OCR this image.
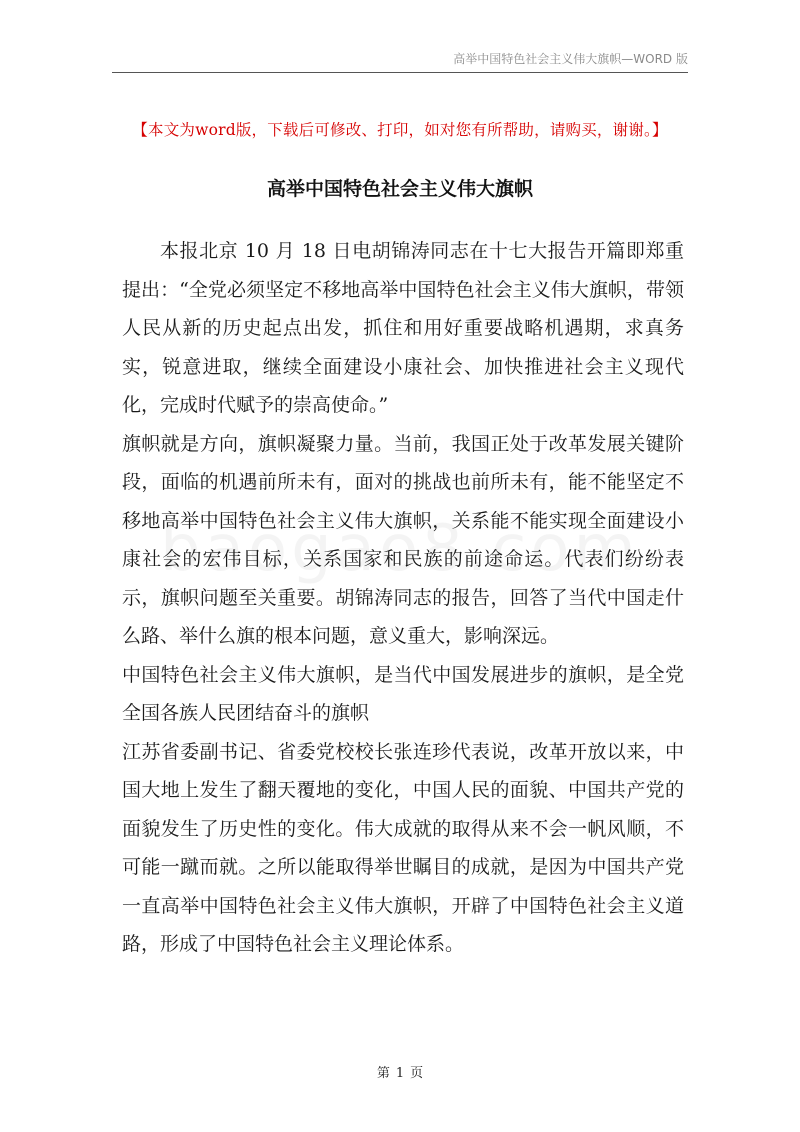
高举中国特色社会主义伟大旗帜—WORD 版
【本文为word版，下载后可修改、打印，如对您有所帮助，请购买，谢谢。】
高举中国特色社会主义伟大旗帜

本报北京 10 月 18 日电胡锦涛同志在十七大报告开篇即郑重提出：“全党必须坚定不移地高举中国特色社会主义伟大旗帜，带领人民从新的历史起点出发，抓住和用好重要战略机遇期，求真务实，锐意进取，继续全面建设小康社会、加快推进社会主义现代化，完成时代赋予的崇高使命。”

旗帜就是方向，旗帜凝聚力量。当前，我国正处于改革发展关键阶段，面临的机遇前所未有，面对的挑战也前所未有，能不能坚定不移地高举中国特色社会主义伟大旗帜，关系能不能实现全面建设小康社会的宏伟目标，关系国家和民族的前途命运。代表们纷纷表示，旗帜问题至关重要。胡锦涛同志的报告，回答了当代中国走什么路、举什么旗的根本问题，意义重大，影响深远。

中国特色社会主义伟大旗帜，是当代中国发展进步的旗帜，是全党全国各族人民团结奋斗的旗帜

江苏省委副书记、省委党校校长张连珍代表说，改革开放以来，中国大地上发生了翻天覆地的变化，中国人民的面貌、中国共产党的面貌发生了历史性的变化。伟大成就的取得从来不会一帆风顺，不可能一蹴而就。之所以能取得举世瞩目的成就，是因为中国共产党一直高举中国特色社会主义伟大旗帜，开辟了中国特色社会主义道路，形成了中国特色社会主义理论体系。

第 1 页
